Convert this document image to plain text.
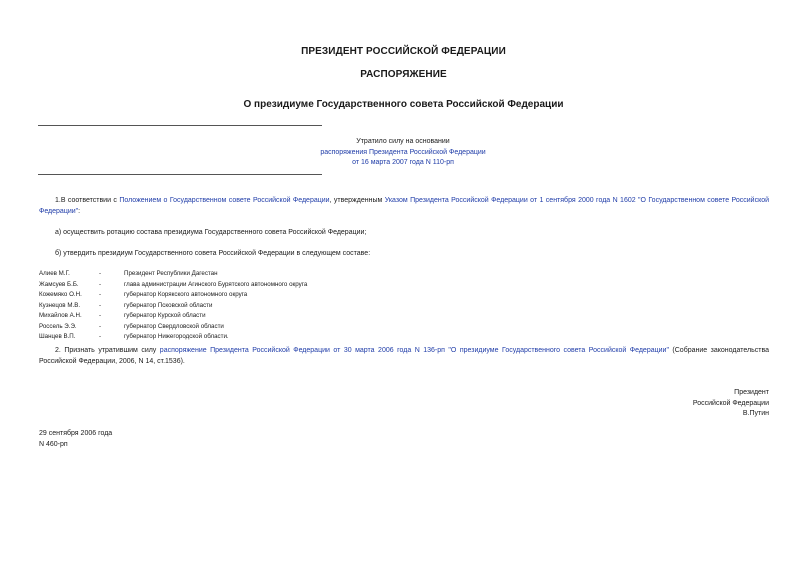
ПРЕЗИДЕНТ РОССИЙСКОЙ ФЕДЕРАЦИИ
РАСПОРЯЖЕНИЕ
О президиуме Государственного совета Российской Федерации
Утратило силу на основании
распоряжения Президента Российской Федерации
от 16 марта 2007 года N 110-рп
1.В соответствии с Положением о Государственном совете Российской Федерации, утвержденным Указом Президента Российской Федерации от 1 сентября 2000 года N 1602 "О Государственном совете Российской Федерации":
а) осуществить ротацию состава президиума Государственного совета Российской Федерации;
б) утвердить президиум Государственного совета Российской Федерации в следующем составе:
Алиев М.Г.	-	Президент Республики Дагестан
Жамсуев Б.Б.	-	глава администрации Агинского Бурятского автономного округа
Кожемяко О.Н.	-	губернатор Корякского автономного округа
Кузнецов М.В.	-	губернатор Псковской области
Михайлов А.Н.	-	губернатор Курской области
Россель Э.Э.	-	губернатор Свердловской области
Шанцев В.П.	-	губернатор Нижегородской области.
2. Признать утратившим силу распоряжение Президента Российской Федерации от 30 марта 2006 года N 136-рп "О президиуме Государственного совета Российской Федерации" (Собрание законодательства Российской Федерации, 2006, N 14, ст.1536).
Президент
Российской Федерации
В.Путин
29 сентября 2006 года
N 460-рп
